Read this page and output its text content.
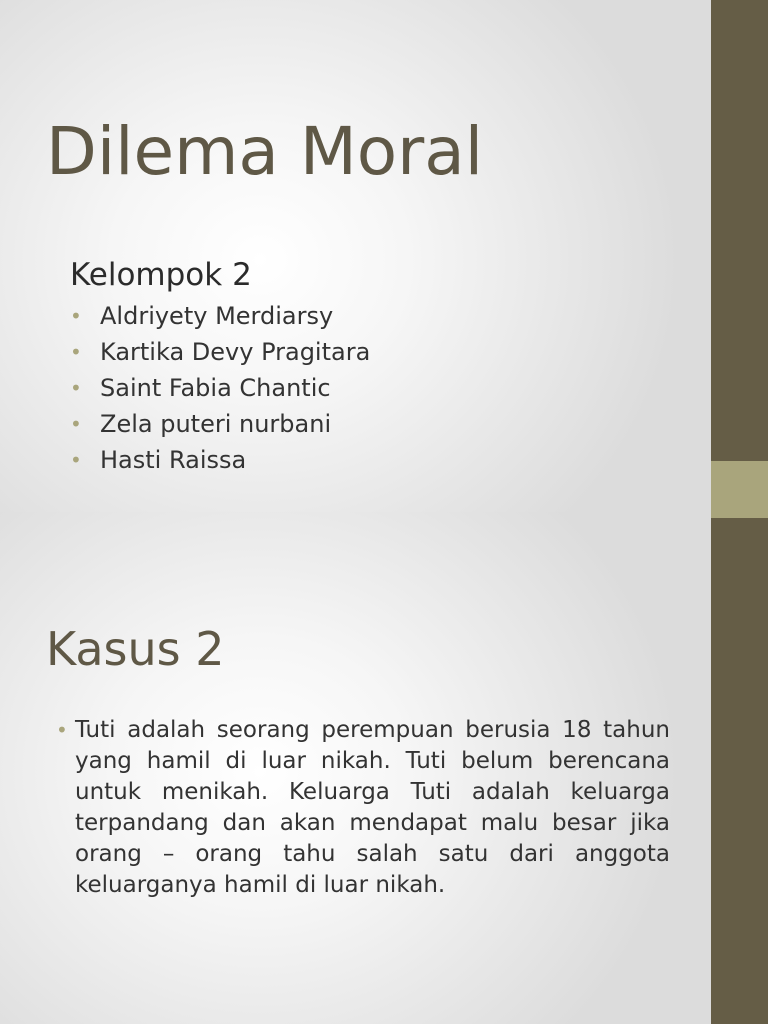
Dilema Moral
Kelompok 2
• Aldriyety Merdiarsy
• Kartika Devy Pragitara
• Saint Fabia Chantic
• Zela puteri nurbani
• Hasti Raissa
Kasus 2
• Tuti adalah seorang perempuan berusia 18 tahun yang hamil di luar nikah. Tuti belum berencana untuk menikah. Keluarga Tuti adalah keluarga terpandang dan akan mendapat malu besar jika orang – orang tahu salah satu dari anggota keluarganya hamil di luar nikah.
